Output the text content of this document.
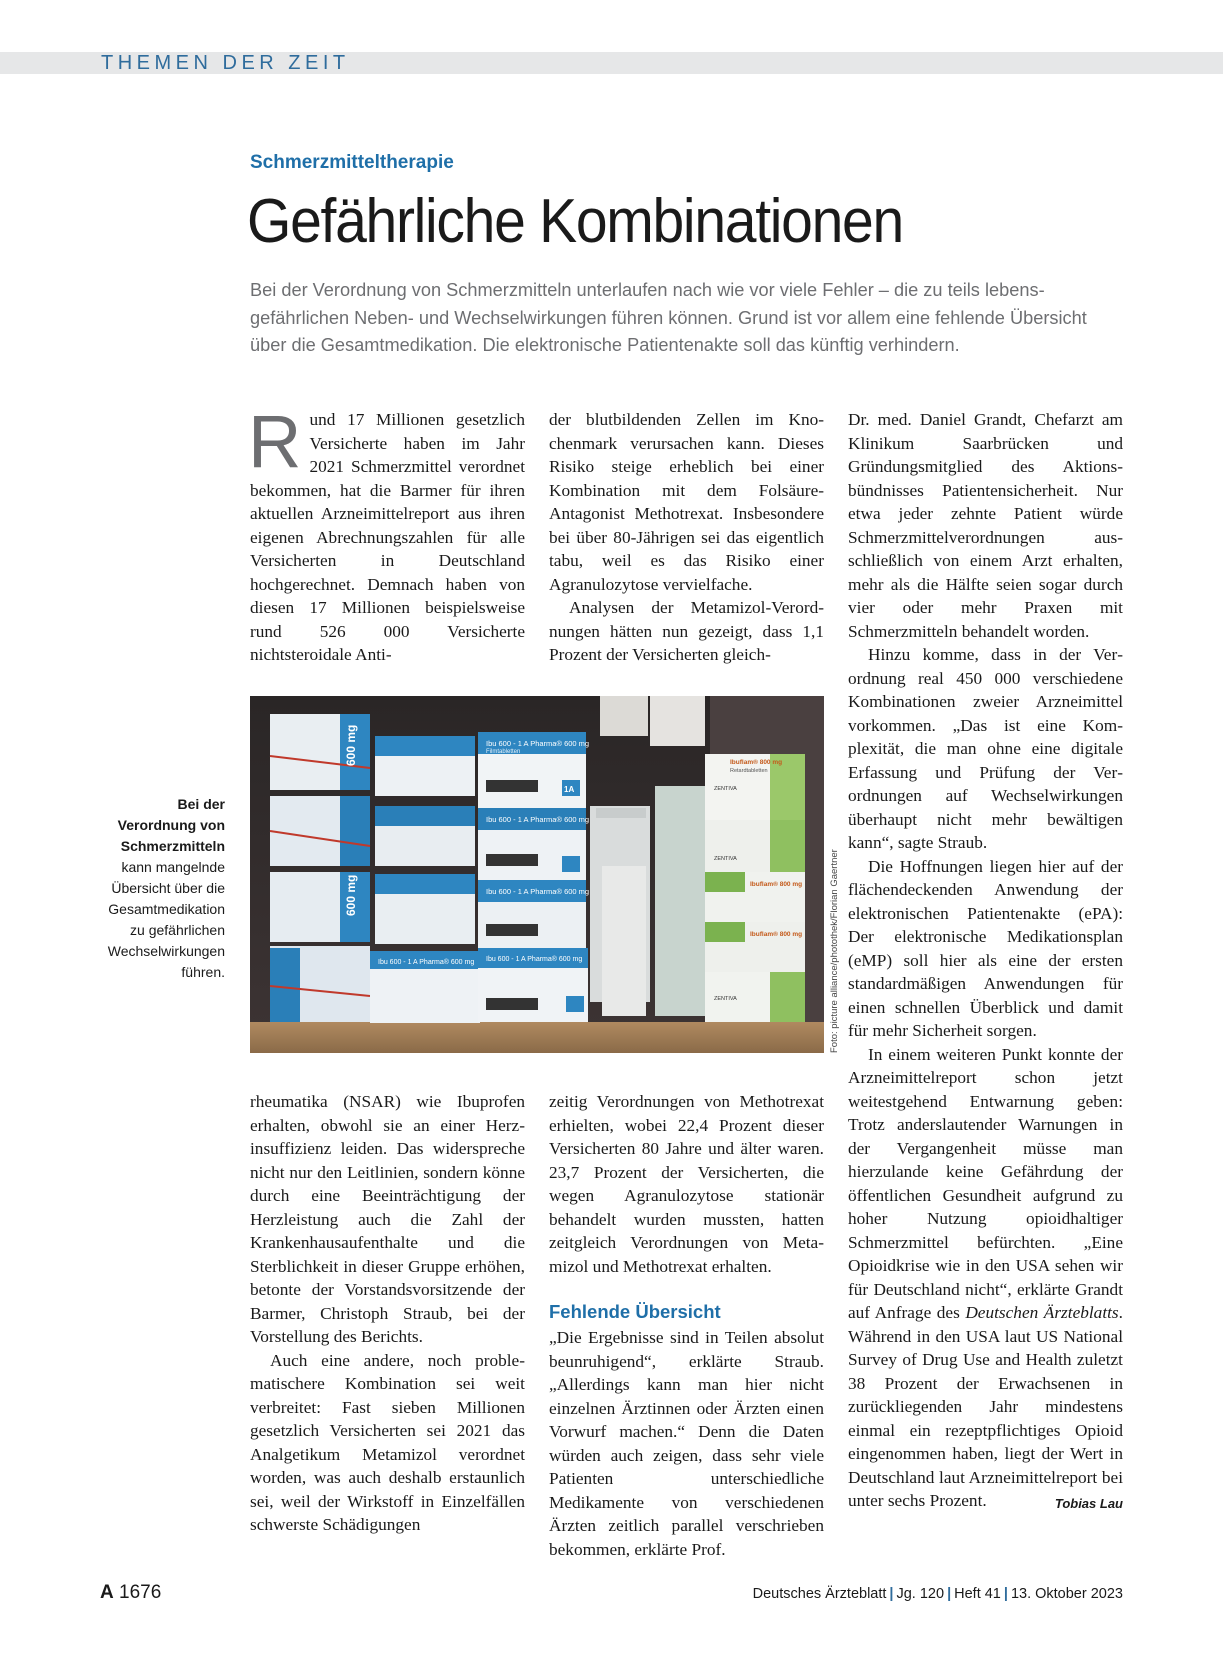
THEMEN DER ZEIT
Schmerzmitteltherapie
Gefährliche Kombinationen
Bei der Verordnung von Schmerzmitteln unterlaufen nach wie vor viele Fehler – die zu teils lebensgefährlichen Neben- und Wechselwirkungen führen können. Grund ist vor allem eine fehlende Übersicht über die Gesamtmedikation. Die elektronische Patientenakte soll das künftig verhindern.

Rund 17 Millionen gesetzlich Versicherte haben im Jahr 2021 Schmerzmittel verordnet bekommen, hat die Barmer für ihren aktuellen Arzneimittelreport aus ihren eigenen Abrechnungszahlen für alle Versicherten in Deutschland hochgerechnet. Demnach haben von diesen 17 Millionen beispielsweise rund 526 000 Versicherte nichtsteroidale Anti-

der blutbildenden Zellen im Knochenmark verursachen kann. Dieses Risiko steige erheblich bei einer Kombination mit dem Folsäure-Antagonist Methotrexat. Insbesondere bei über 80-Jährigen sei das eigentlich tabu, weil es das Risiko einer Agranulozytose vervielfache.

Analysen der Metamizol-Verordnungen hätten nun gezeigt, dass 1,1 Prozent der Versicherten gleich-

Dr. med. Daniel Grandt, Chefarzt am Klinikum Saarbrücken und Gründungsmitglied des Aktionsbündnisses Patientensicherheit. Nur etwa jeder zehnte Patient würde Schmerzmittelverordnungen ausschließlich von einem Arzt erhalten, mehr als die Hälfte seien sogar durch vier oder mehr Praxen mit Schmerzmitteln behandelt worden.

Hinzu komme, dass in der Verordnung real 450 000 verschiedene Kombinationen zweier Arzneimittel vorkommen. „Das ist eine Komplexität, die man ohne eine digitale Erfassung und Prüfung der Verordnungen auf Wechselwirkungen überhaupt nicht mehr bewältigen kann“, sagte Straub.

Die Hoffnungen liegen hier auf der flächendeckenden Anwendung der elektronischen Patientenakte (ePA): Der elektronische Medikationsplan (eMP) soll hier als eine der ersten standardmäßigen Anwendungen für einen schnellen Überblick und damit für mehr Sicherheit sorgen.

In einem weiteren Punkt konnte der Arzneimittelreport schon jetzt weitestgehend Entwarnung geben: Trotz anderslautender Warnungen in der Vergangenheit müsse man hierzulande keine Gefährdung der öffentlichen Gesundheit aufgrund zu hoher Nutzung opioidhaltiger Schmerzmittel befürchten. „Eine Opioidkrise wie in den USA sehen wir für Deutschland nicht“, erklärte Grandt auf Anfrage des Deutschen Ärzteblatts. Während in den USA laut US National Survey of Drug Use and Health zuletzt 38 Prozent der Erwachsenen in zurückliegenden Jahr mindestens einmal ein rezeptpflichtiges Opioid eingenommen haben, liegt der Wert in Deutschland laut Arzneimittelreport bei unter sechs Prozent.	Tobias Lau

rheumatika (NSAR) wie Ibuprofen erhalten, obwohl sie an einer Herzinsuffizienz leiden. Das widerspreche nicht nur den Leitlinien, sondern könne durch eine Beeinträchtigung der Herzleistung auch die Zahl der Krankenhausaufenthalte und die Sterblichkeit in dieser Gruppe erhöhen, betonte der Vorstandsvorsitzende der Barmer, Christoph Straub, bei der Vorstellung des Berichts.

Auch eine andere, noch problematischere Kombination sei weit verbreitet: Fast sieben Millionen gesetzlich Versicherten sei 2021 das Analgetikum Metamizol verordnet worden, was auch deshalb erstaunlich sei, weil der Wirkstoff in Einzelfällen schwerste Schädigungen

zeitig Verordnungen von Methotrexat erhielten, wobei 22,4 Prozent dieser Versicherten 80 Jahre und älter waren. 23,7 Prozent der Versicherten, die wegen Agranulozytose stationär behandelt wurden mussten, hatten zeitgleich Verordnungen von Metamizol und Methotrexat erhalten.

Fehlende Übersicht

„Die Ergebnisse sind in Teilen absolut beunruhigend“, erklärte Straub. „Allerdings kann man hier nicht einzelnen Ärztinnen oder Ärzten einen Vorwurf machen.“ Denn die Daten würden auch zeigen, dass sehr viele Patienten unterschiedliche Medikamente von verschiedenen Ärzten zeitlich parallel verschrieben bekommen, erklärte Prof.

Bei der Verordnung von Schmerzmitteln kann mangelnde Übersicht über die Gesamtmedikation zu gefährlichen Wechselwirkungen führen.
600 mg
600 mg
Ibu 600 - 1 A Pharma® 600 mg
Ibu 600 - 1 A Pharma® 600 mg
Filmtabletten
1A
Ibu 600 - 1 A Pharma® 600 mg
Ibu 600 - 1 A Pharma® 600 mg
Ibu 600 - 1 A Pharma® 600 mg
Ibuflam® 800 mg
Retardtabletten
ZENTIVA
ZENTIVA
Ibuflam® 800 mg
Ibuflam® 800 mg
ZENTIVA	Foto: picture alliance/photothek/Florian Gaertner
A 1676	Deutsches Ärzteblatt | Jg. 120 | Heft 41 | 13. Oktober 2023
